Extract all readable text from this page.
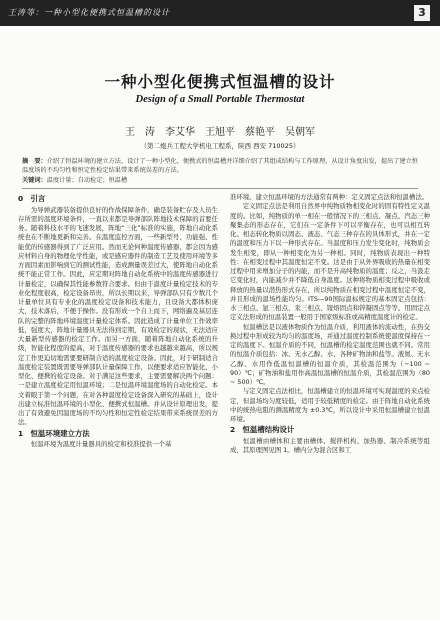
王涛等：一种小型化便携式恒温槽的设计	3
一种小型化便携式恒温槽的设计
Design of a Small Portable Thermostat
王　涛　李艾华　王旭平　蔡艳平　吴朝军
（第二炮兵工程大学机电工程系，陕西 西安 710025）
摘　要：介绍了恒温环境的建立方法，设计了一种小型化、便携式的恒温槽并详细介绍了其组成结构与工作原理，从设计角度出发，提出了建立恒温度场的不均匀性和恒定性检定结果带来系统误差的方法。
关键词：温度计量；自动检定；恒温槽
0　引言

为导弹武器装备提供良好的作战保障条件，确是装备贮存及人员生存所需的温度环境条件，一直以来都是导弹部队阵地技术保障的首要任务。随着科技水平的飞速发展，阵地“三化”标准的实施，阵地自动化系统也在不断地更新和完善。在温度监控方面，一些新型号、功能强、性能优的传感器得到了广泛应用。然而无论何种温度传感器，都会因为感应材料自身的物理化学性能，或是感应器件的制造工艺及使用环境等多方面因素而影响到它的测试性能，造成测量误差过大，使阵地自动化系统不能正常工作。因此，应定期对阵地自动化系统中的温度传感器进行计量检定，以确保其性能参数符合要求。但由于温度计量检定技术的专业化程度很高，检定设备昂贵，所以长期以来，导弹部队只有少数几个计量单位具有专业化的温度检定设备和技术能力，且设备大都体积庞大，技术落后，不便于操作。没有形成一个自上而下，网络遍及基层连队的完整的阵地环境温度计量检定体系。因此造成了计量单位工作效率低，强度大，阵地计量器具无法得到定期，有效检定的现状，无法适应大量新型传感器的检定工作。而另一方面，随着阵地自动化系统的升级，智能化程度的提高，对于温度传感器的要求也越越来越高，所以规定工作更迫切地需要要研制合适的温度检定设备。因此，对于研制适合温度检定装置既需要导弹部队计量保障工作，以便要求适应智能化、小型化、便携的检定设备。对于满足这些要求，主要需要解决两个问题：一是建立温度检定用恒温环境；二是恒温环境温度场的自动化检定。本文着眼于第一个问题，在对各种温度检定设备深入研究的基础上，设计出建立标准恒温环境的小型化、便携式恒温槽。并从设计原理出发，提出了有效避免因温度场的不均匀性和恒定性检定结果带来系统误差的方法。

1　恒温环境建立方法

恒温环境为温度计量器具的检定和校准提供一个基

准环境。建立恒温环境的方法通常有两种：定义固定点法和恒温槽法。

定义固定点法是利用自然界中纯物质物相变化时的固有特性定义温度的。比如，纯物质的单一相在一般情况下的三相点、凝点、汽态三种聚集态的形态存在，它们在一定条件下可以平衡存在，也可以相互转化。相态转化物质以固态、液态、气态三种存在的具体形式，并在一定的温度和压力下以一种形式存在。当温度和压力发生变化时，纯物质会发生相变，即从一种相变化为另一种相。同时，纯物质表现出一种特性：在相变过程中其温度恒定不变。这是由于从外界吸收的热量在相变过程中用来增加分子的内能，而不是升高纯物质的温度；反之，当汲走它变化时，内能减少并不降低自身温度。这种将物质相变过程中吸收或释放的热量以潜热形式存在，所以纯物质在相变过程中温度恒定不变，并且形成的温场性能均匀。ITS—90国际温标规定的基本固定点包括：水三相点、氩三相点、汞三相点、镓熔固点和锌凝固点等等。用固定点定义法形成的恒温装置一般用于国家级标准或高精度温度计的检定。

恒温槽法是以液体物质作为恒温介质，利用液体的流动性，在热交换过程中形成较为均匀的温度场，并通过温度控制系统使温度保持在一定的温度下。恒温介质的不同，恒温槽的检定温度范围也就不同。常用的恒温介质包括：冰、无水乙醇、水、各种矿物油和盐等。液氮、无水乙醇、水用作低温恒温槽的恒温介质，其检温范围为（−100 ~ 90）℃；矿物油和盐用作高温恒温槽的恒温介质，其检温范围为（80 ~ 500）℃。

与定义固定点法相比，恒温槽建立的恒温环境可实现温度的来点检定，但温场均匀度较低，适用于较低精度的检定。由于阵地自动化系统中的统热电阻的测温精度为 ±0.3℃，所以设计中采用恒温槽建立恒温环境。

2　恒温槽结构设计

恒温槽由槽体和主要由槽体、搅拌机构、加热器、制冷系统等组成，其原理图见图 1。槽内分为混合区和工
